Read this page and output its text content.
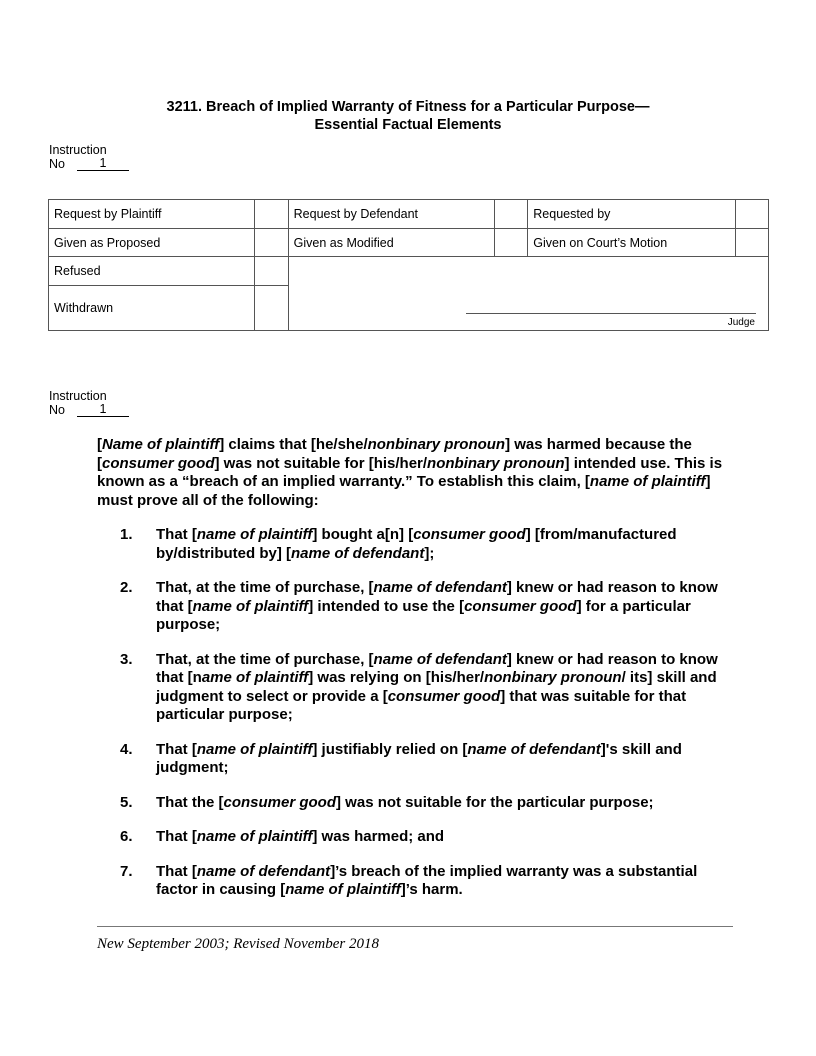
3211. Breach of Implied Warranty of Fitness for a Particular Purpose—
Essential Factual Elements
Instruction
No	1
Request by Plaintiff		Request by Defendant		Requested by	
Given as Proposed		Given as Modified		Given on Court’s Motion	
Refused		Judge			

Withdrawn					
Instruction
No	1

[Name of plaintiff] claims that [he/she/nonbinary pronoun] was harmed because the [consumer good] was not suitable for [his/her/nonbinary pronoun] intended use. This is known as a “breach of an implied warranty.” To establish this claim, [name of plaintiff] must prove all of the following:

1.	That [name of plaintiff] bought a[n] [consumer good] [from/manufactured by/distributed by] [name of defendant];
2.	That, at the time of purchase, [name of defendant] knew or had reason to know that [name of plaintiff] intended to use the [consumer good] for a particular purpose;
3.	That, at the time of purchase, [name of defendant] knew or had reason to know that [name of plaintiff] was relying on [his/her/nonbinary pronoun/ its] skill and judgment to select or provide a [consumer good] that was suitable for that particular purpose;
4.	That [name of plaintiff] justifiably relied on [name of defendant]'s skill and judgment;
5.	That the [consumer good] was not suitable for the particular purpose;
6.	That [name of plaintiff] was harmed; and
7.	That [name of defendant]’s breach of the implied warranty was a substantial factor in causing [name of plaintiff]’s harm.
New September 2003; Revised November 2018
